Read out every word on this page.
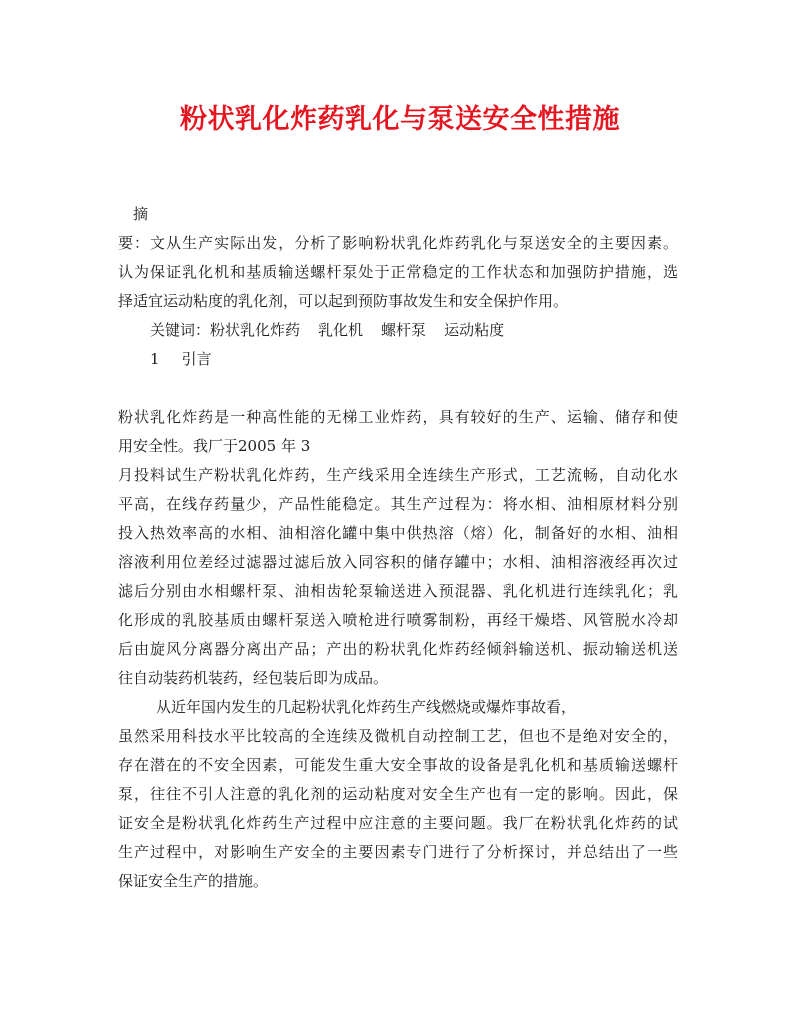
粉状乳化炸药乳化与泵送安全性措施
摘
要：文从生产实际出发，分析了影响粉状乳化炸药乳化与泵送安全的主要因素。
认为保证乳化机和基质输送螺杆泵处于正常稳定的工作状态和加强防护措施，选
择适宜运动粘度的乳化剂，可以起到预防事故发生和安全保护作用。
关键词：粉状乳化炸药 乳化机 螺杆泵 运动粘度
1 引言
粉状乳化炸药是一种高性能的无梯工业炸药，具有较好的生产、运输、储存和使
用安全性。我厂于2005 年 3
月投料试生产粉状乳化炸药，生产线采用全连续生产形式，工艺流畅，自动化水
平高，在线存药量少，产品性能稳定。其生产过程为：将水相、油相原材料分别
投入热效率高的水相、油相溶化罐中集中供热溶（熔）化，制备好的水相、油相
溶液利用位差经过滤器过滤后放入同容积的储存罐中；水相、油相溶液经再次过
滤后分别由水相螺杆泵、油相齿轮泵输送进入预混器、乳化机进行连续乳化；乳
化形成的乳胶基质由螺杆泵送入喷枪进行喷雾制粉，再经干燥塔、风管脱水冷却
后由旋风分离器分离出产品；产出的粉状乳化炸药经倾斜输送机、振动输送机送
往自动装药机装药，经包装后即为成品。
从近年国内发生的几起粉状乳化炸药生产线燃烧或爆炸事故看，
虽然采用科技水平比较高的全连续及微机自动控制工艺，但也不是绝对安全的，
存在潜在的不安全因素，可能发生重大安全事故的设备是乳化机和基质输送螺杆
泵，往往不引人注意的乳化剂的运动粘度对安全生产也有一定的影响。因此，保
证安全是粉状乳化炸药生产过程中应注意的主要问题。我厂在粉状乳化炸药的试
生产过程中，对影响生产安全的主要因素专门进行了分析探讨，并总结出了一些
保证安全生产的措施。
